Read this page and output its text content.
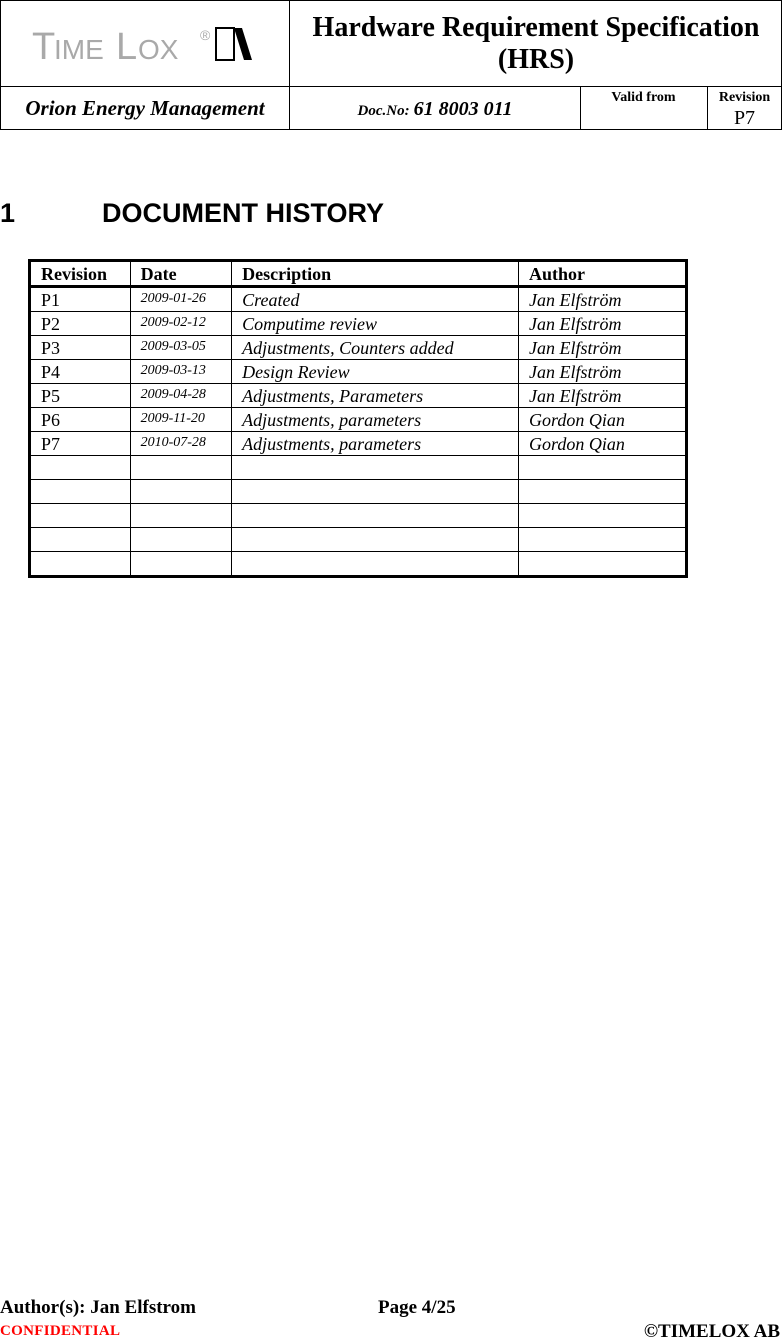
T
IME L OX ®	Hardware Requirement Specification (HRS)
Orion Energy Management	Doc.No: 61 8003 011
Valid from	Revision
P7
1	DOCUMENT HISTORY
Revision	Date	Description	Author
P1	2009-01-26	Created	Jan Elfström
P2	2009-02-12	Computime review	Jan Elfström
P3	2009-03-05	Adjustments, Counters added	Jan Elfström
P4	2009-03-13	Design Review	Jan Elfström
P5	2009-04-28	Adjustments, Parameters	Jan Elfström
P6	2009-11-20	Adjustments, parameters	Gordon Qian
P7	2010-07-28	Adjustments, parameters	Gordon Qian

Author(s): Jan Elfstrom	Page 4/25
CONFIDENTIAL	©TIMELOX AB
